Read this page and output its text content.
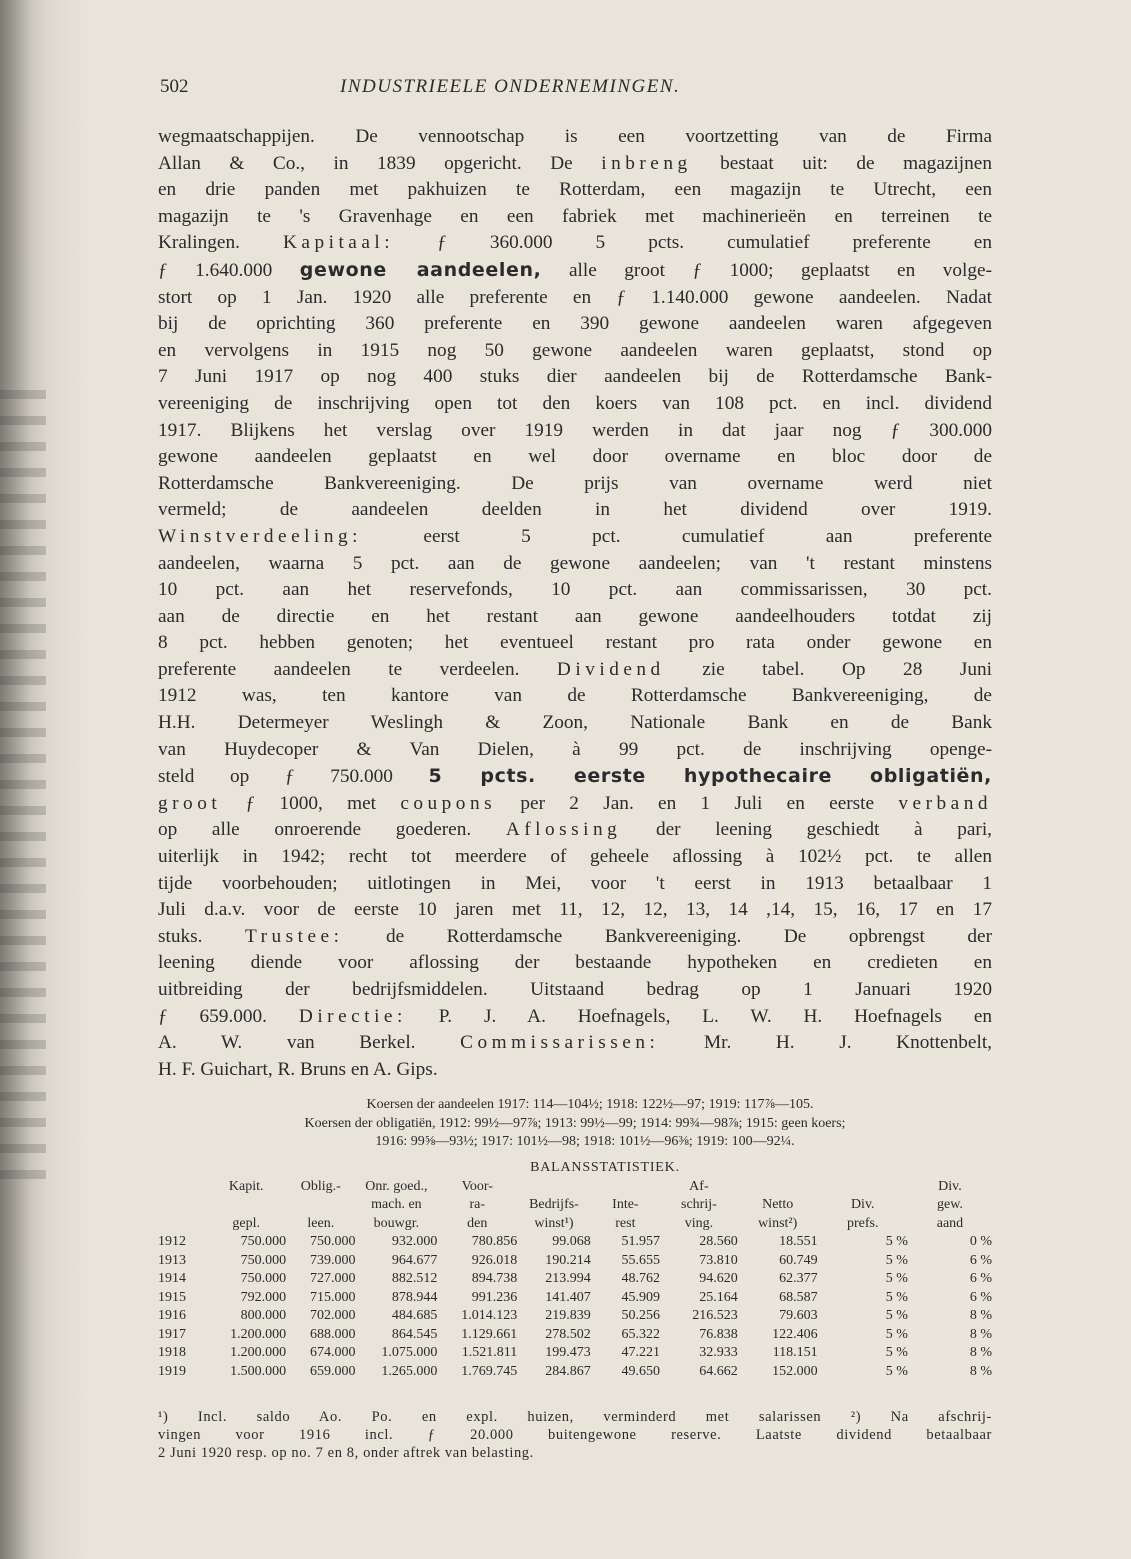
502	INDUSTRIEELE ONDERNEMINGEN.
wegmaatschappijen. De vennootschap is een voortzetting van de Firma
Allan & Co., in 1839 opgericht. De inbreng bestaat uit: de magazijnen
en drie panden met pakhuizen te Rotterdam, een magazijn te Utrecht, een
magazijn te 's Gravenhage en een fabriek met machinerieën en terreinen te
Kralingen. Kapitaal: ƒ 360.000 5 pcts. cumulatief preferente en
ƒ 1.640.000 gewone aandeelen, alle groot ƒ 1000; geplaatst en volge-
stort op 1 Jan. 1920 alle preferente en ƒ 1.140.000 gewone aandeelen. Nadat
bij de oprichting 360 preferente en 390 gewone aandeelen waren afgegeven
en vervolgens in 1915 nog 50 gewone aandeelen waren geplaatst, stond op
7 Juni 1917 op nog 400 stuks dier aandeelen bij de Rotterdamsche Bank-
vereeniging de inschrijving open tot den koers van 108 pct. en incl. dividend
1917. Blijkens het verslag over 1919 werden in dat jaar nog ƒ 300.000
gewone aandeelen geplaatst en wel door overname en bloc door de
Rotterdamsche Bankvereeniging. De prijs van overname werd niet
vermeld; de aandeelen deelden in het dividend over 1919.
Winstverdeeling: eerst 5 pct. cumulatief aan preferente
aandeelen, waarna 5 pct. aan de gewone aandeelen; van 't restant minstens
10 pct. aan het reservefonds, 10 pct. aan commissarissen, 30 pct.
aan de directie en het restant aan gewone aandeelhouders totdat zij
8 pct. hebben genoten; het eventueel restant pro rata onder gewone en
preferente aandeelen te verdeelen. Dividend zie tabel. Op 28 Juni
1912 was, ten kantore van de Rotterdamsche Bankvereeniging, de
H.H. Determeyer Weslingh & Zoon, Nationale Bank en de Bank
van Huydecoper & Van Dielen, à 99 pct. de inschrijving openge-
steld op ƒ 750.000 5 pcts. eerste hypothecaire obligatiën,
groot ƒ 1000, met coupons per 2 Jan. en 1 Juli en eerste verband
op alle onroerende goederen. Aflossing der leening geschiedt à pari,
uiterlijk in 1942; recht tot meerdere of geheele aflossing à 102½ pct. te allen
tijde voorbehouden; uitlotingen in Mei, voor 't eerst in 1913 betaalbaar 1
Juli d.a.v. voor de eerste 10 jaren met 11, 12, 12, 13, 14 ,14, 15, 16, 17 en 17
stuks. Trustee: de Rotterdamsche Bankvereeniging. De opbrengst der
leening diende voor aflossing der bestaande hypotheken en credieten en
uitbreiding der bedrijfsmiddelen. Uitstaand bedrag op 1 Januari 1920
ƒ 659.000. Directie: P. J. A. Hoefnagels, L. W. H. Hoefnagels en
A. W. van Berkel. Commissarissen: Mr. H. J. Knottenbelt,
H. F. Guichart, R. Bruns en A. Gips.
Koersen der aandeelen 1917: 114—104½; 1918: 122½—97; 1919: 117⅞—105.
Koersen der obligatiën, 1912: 99½—97⅞; 1913: 99½—99; 1914: 99¾—98⅞; 1915: geen koers;
1916: 99⅝—93½; 1917: 101½—98; 1918: 101½—96⅜; 1919: 100—92¼.
BALANSSTATISTIEK.
	Kapit.	Oblig.-	Onr. goed.,	Voor-			Af-			Div.
			mach. en	ra-	Bedrijfs-	Inte-	schrij-	Netto	Div.	gew.
	gepl.	leen.	bouwgr.	den	winst¹)	rest	ving.	winst²)	prefs.	aand
1912	750.000	750.000	932.000	780.856	99.068	51.957	28.560	18.551	5 %	0 %
1913	750.000	739.000	964.677	926.018	190.214	55.655	73.810	60.749	5 %	6 %
1914	750.000	727.000	882.512	894.738	213.994	48.762	94.620	62.377	5 %	6 %
1915	792.000	715.000	878.944	991.236	141.407	45.909	25.164	68.587	5 %	6 %
1916	800.000	702.000	484.685	1.014.123	219.839	50.256	216.523	79.603	5 %	8 %
1917	1.200.000	688.000	864.545	1.129.661	278.502	65.322	76.838	122.406	5 %	8 %
1918	1.200.000	674.000	1.075.000	1.521.811	199.473	47.221	32.933	118.151	5 %	8 %
1919	1.500.000	659.000	1.265.000	1.769.745	284.867	49.650	64.662	152.000	5 %	8 %
¹) Incl. saldo Ao. Po. en expl. huizen, verminderd met salarissen ²) Na afschrij-
vingen voor 1916 incl. ƒ 20.000 buitengewone reserve. Laatste dividend betaalbaar
2 Juni 1920 resp. op no. 7 en 8, onder aftrek van belasting.
